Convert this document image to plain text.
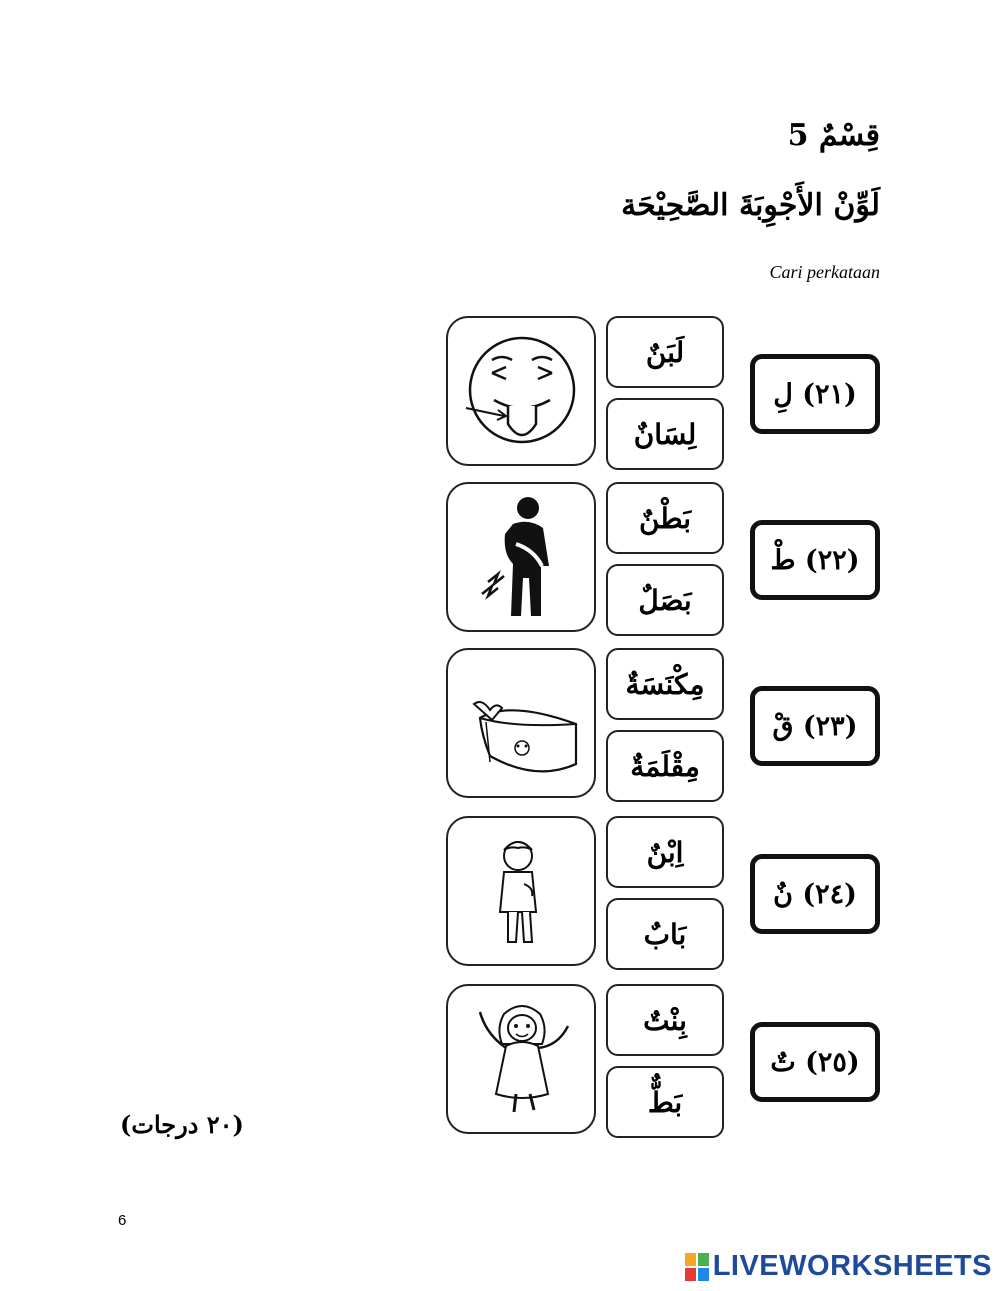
قِسْمٌ 5
لَوِّنْ الأَجْوِبَةَ الصَّحِيْحَة
Cari perkataan
لَبَنٌ
لِسَانٌ
(٢١) لِ
بَطْنٌ
بَصَلٌ
(٢٢) طْ
مِكْنَسَةٌ
مِقْلَمَةٌ
(٢٣) قْ
اِبْنٌ
بَابٌ
(٢٤) نٌ
بِنْتٌ
بَطٌّ
(٢٥) تٌ
(٢٠ درجات)
6
LIVEWORKSHEETS
